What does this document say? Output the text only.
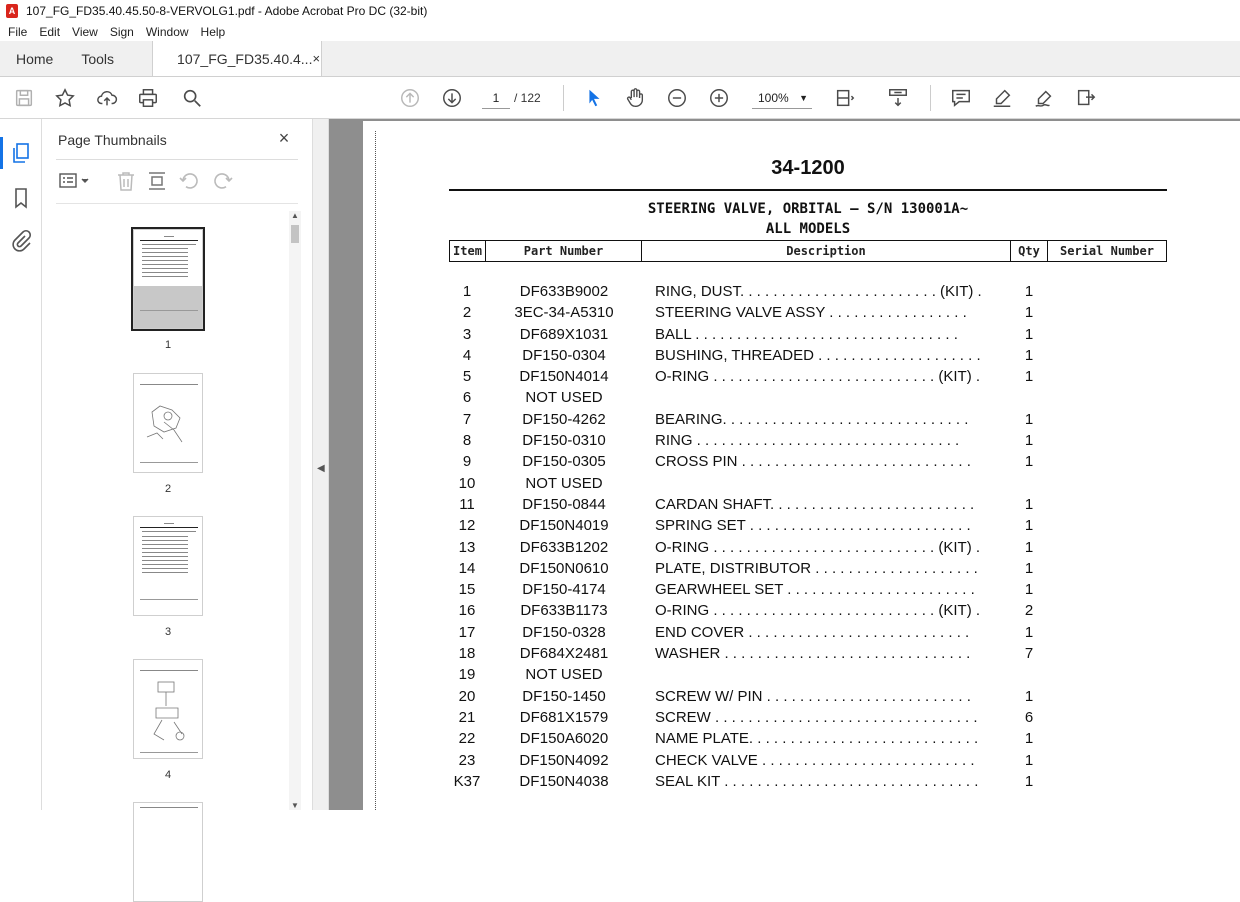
A 107_FG_FD35.40.45.50-8-VERVOLG1.pdf - Adobe Acrobat Pro DC (32-bit)
File	Edit	View	Sign	Window	Help
Home	Tools	107_FG_FD35.40.4... ×
1	/ 122	100% ▼
Page Thumbnails	×
1
2
3
4
▲
▼
◀
34-1200
STEERING VALVE, ORBITAL – S/N 130001A~
ALL MODELS
Item	Part Number	Description	Qty	Serial Number
1	DF633B9002	RING, DUST. . . . . . . . . . . . . . . . . . . . . . . . (KIT) .	1
2	3EC-34-A5310	STEERING VALVE ASSY . . . . . . . . . . . . . . . . .	1
3	DF689X1031	BALL . . . . . . . . . . . . . . . . . . . . . . . . . . . . . . . .	1
4	DF150-0304	BUSHING, THREADED . . . . . . . . . . . . . . . . . . . .	1
5	DF150N4014	O-RING . . . . . . . . . . . . . . . . . . . . . . . . . . . (KIT) .	1
6	NOT USED
7	DF150-4262	BEARING. . . . . . . . . . . . . . . . . . . . . . . . . . . . . .	1
8	DF150-0310	RING . . . . . . . . . . . . . . . . . . . . . . . . . . . . . . . .	1
9	DF150-0305	CROSS PIN . . . . . . . . . . . . . . . . . . . . . . . . . . . .	1
10	NOT USED
11	DF150-0844	CARDAN SHAFT. . . . . . . . . . . . . . . . . . . . . . . . .	1
12	DF150N4019	SPRING SET . . . . . . . . . . . . . . . . . . . . . . . . . . .	1
13	DF633B1202	O-RING . . . . . . . . . . . . . . . . . . . . . . . . . . . (KIT) .	1
14	DF150N0610	PLATE, DISTRIBUTOR . . . . . . . . . . . . . . . . . . . .	1
15	DF150-4174	GEARWHEEL SET . . . . . . . . . . . . . . . . . . . . . . .	1
16	DF633B1173	O-RING . . . . . . . . . . . . . . . . . . . . . . . . . . . (KIT) .	2
17	DF150-0328	END COVER . . . . . . . . . . . . . . . . . . . . . . . . . . .	1
18	DF684X2481	WASHER . . . . . . . . . . . . . . . . . . . . . . . . . . . . . .	7
19	NOT USED
20	DF150-1450	SCREW W/ PIN . . . . . . . . . . . . . . . . . . . . . . . . .	1
21	DF681X1579	SCREW . . . . . . . . . . . . . . . . . . . . . . . . . . . . . . . .	6
22	DF150A6020	NAME PLATE. . . . . . . . . . . . . . . . . . . . . . . . . . . .	1
23	DF150N4092	CHECK VALVE . . . . . . . . . . . . . . . . . . . . . . . . . .	1
K37	DF150N4038	SEAL KIT . . . . . . . . . . . . . . . . . . . . . . . . . . . . . . .	1
